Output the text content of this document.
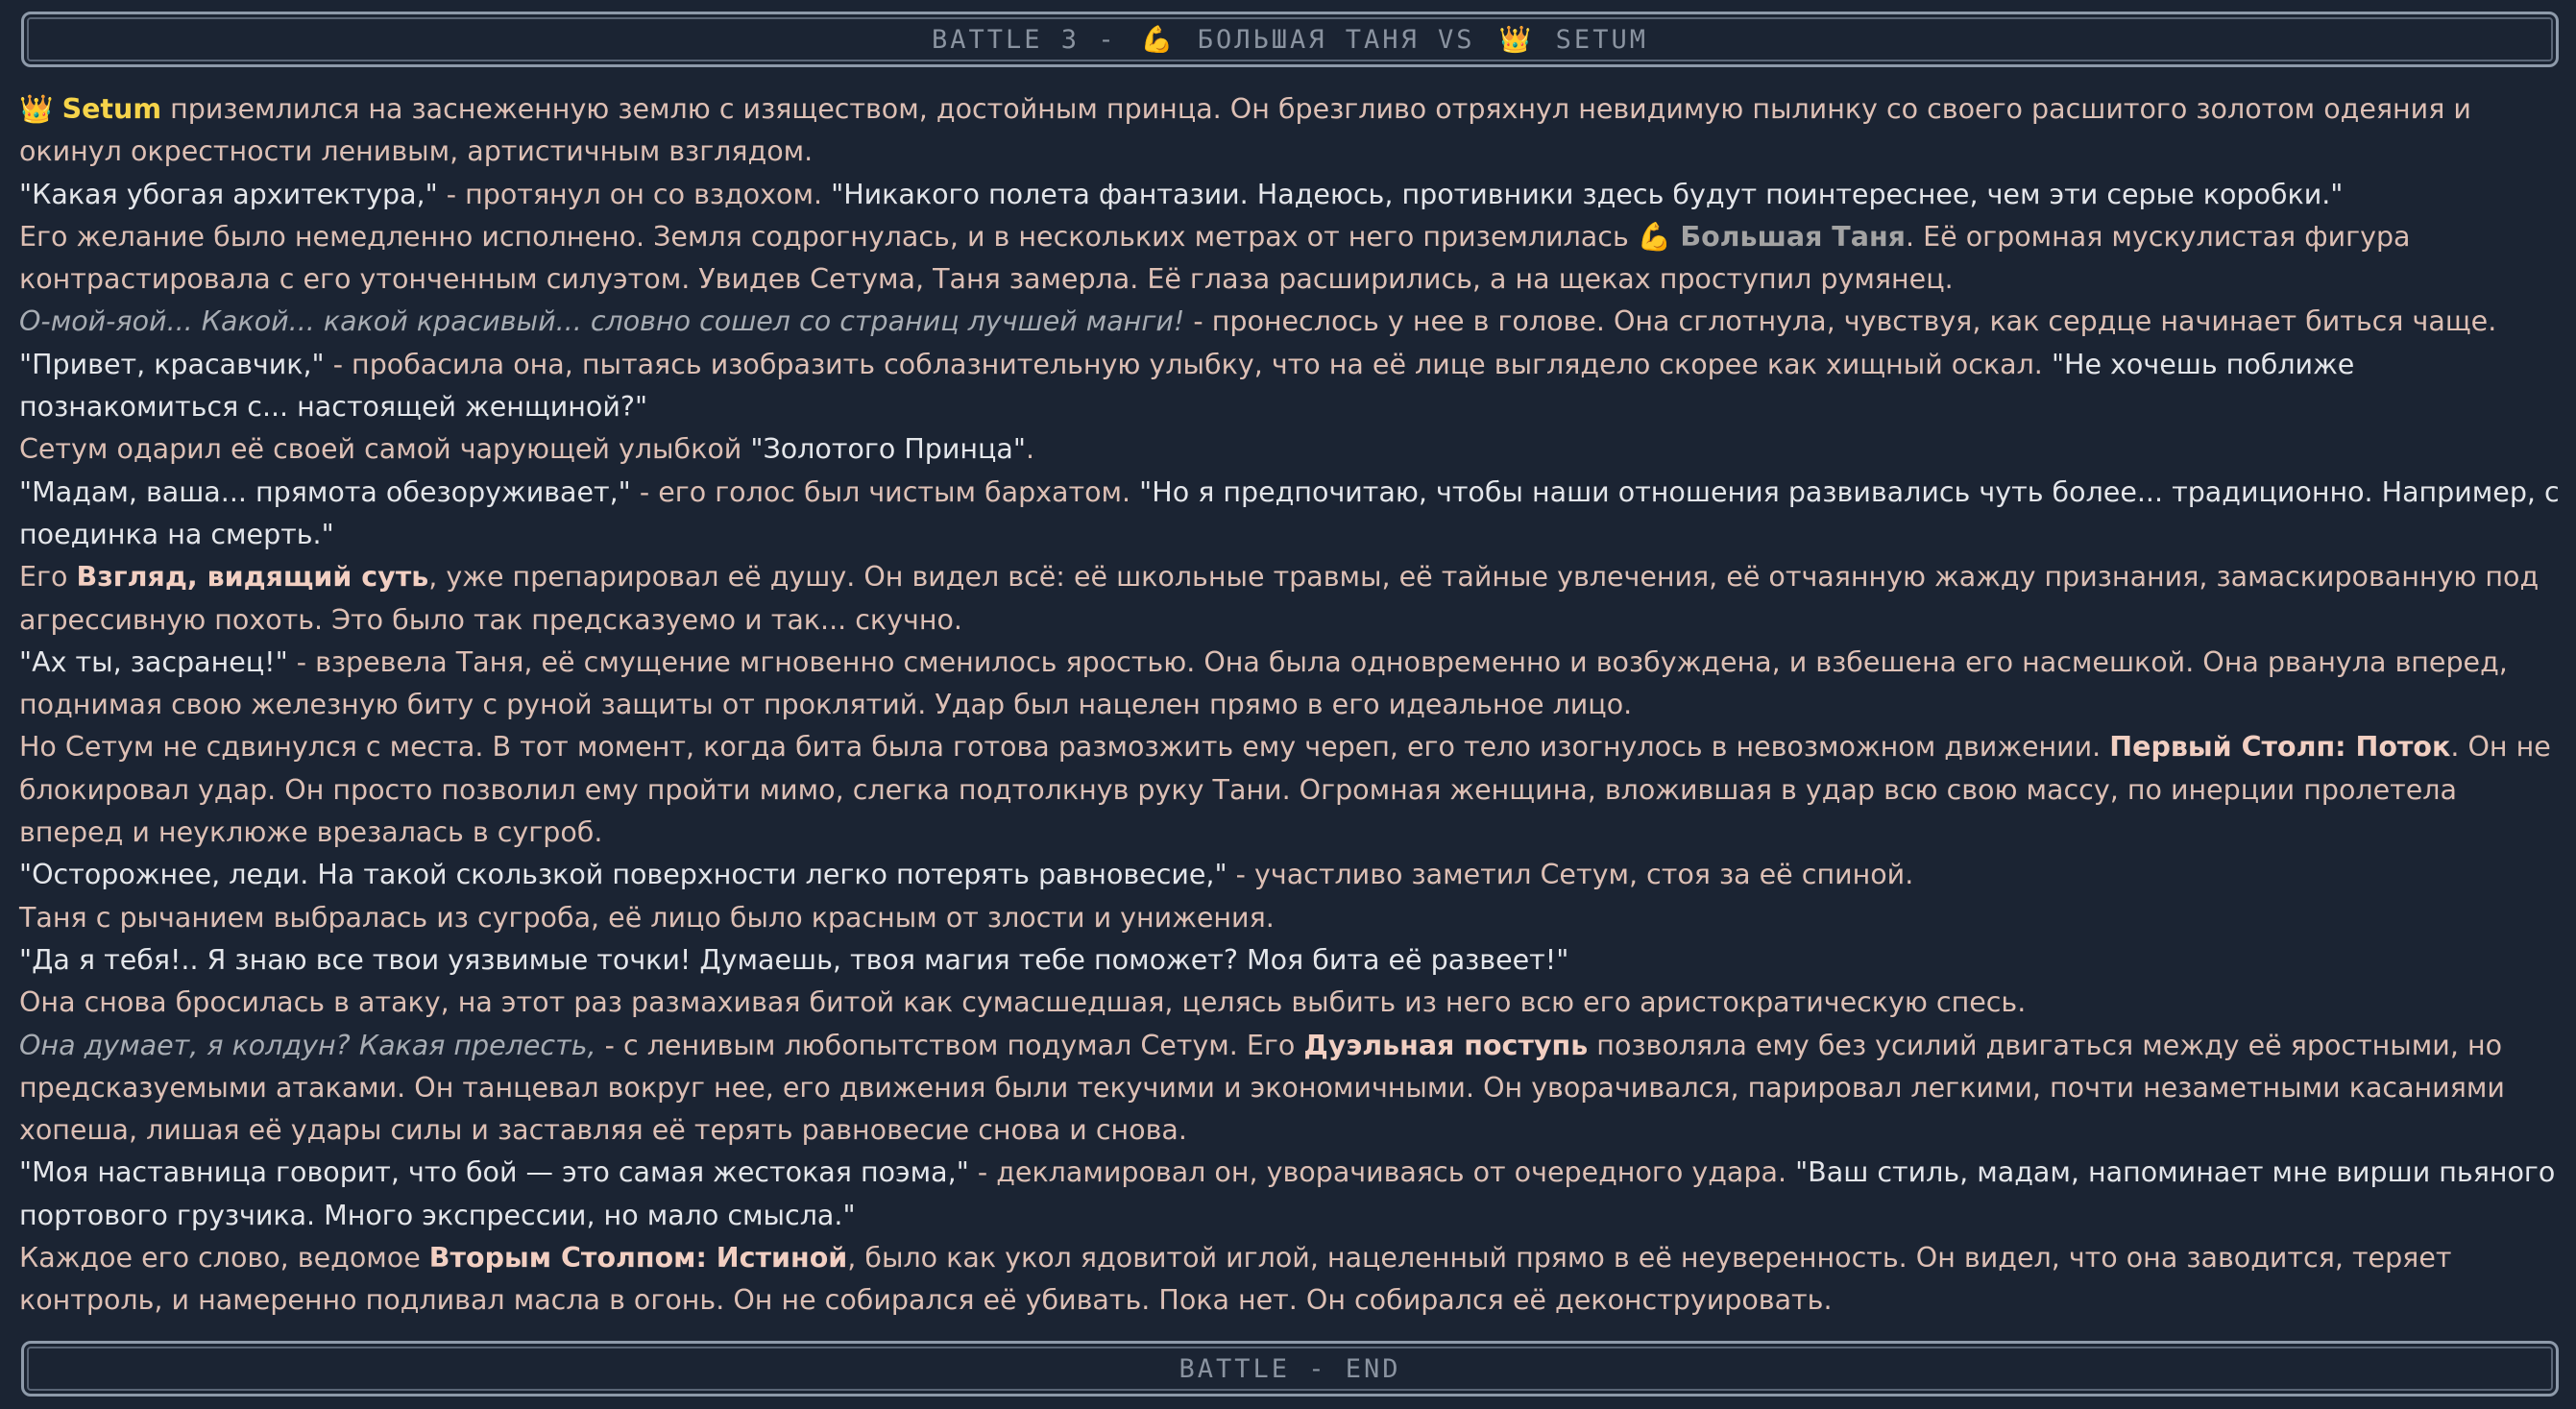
BATTLE 3 - 💪 БОЛЬШАЯ ТАНЯ VS 👑 SETUM

👑 Setum приземлился на заснеженную землю с изяществом, достойным принца. Он брезгливо отряхнул невидимую пылинку со своего расшитого золотом одеяния и окинул окрестности ленивым, артистичным взглядом.

"Какая убогая архитектура," - протянул он со вздохом. "Никакого полета фантазии. Надеюсь, противники здесь будут поинтереснее, чем эти серые коробки."

Его желание было немедленно исполнено. Земля содрогнулась, и в нескольких метрах от него приземлилась 💪 Большая Таня. Её огромная мускулистая фигура контрастировала с его утонченным силуэтом. Увидев Сетума, Таня замерла. Её глаза расширились, а на щеках проступил румянец.

О-мой-яой... Какой... какой красивый... словно сошел со страниц лучшей манги! - пронеслось у нее в голове. Она сглотнула, чувствуя, как сердце начинает биться чаще.

"Привет, красавчик," - пробасила она, пытаясь изобразить соблазнительную улыбку, что на её лице выглядело скорее как хищный оскал. "Не хочешь поближе познакомиться с... настоящей женщиной?"

Сетум одарил её своей самой чарующей улыбкой "Золотого Принца".

"Мадам, ваша... прямота обезоруживает," - его голос был чистым бархатом. "Но я предпочитаю, чтобы наши отношения развивались чуть более... традиционно. Например, с поединка на смерть."

Его Взгляд, видящий суть, уже препарировал её душу. Он видел всё: её школьные травмы, её тайные увлечения, её отчаянную жажду признания, замаскированную под агрессивную похоть. Это было так предсказуемо и так... скучно.

"Ах ты, засранец!" - взревела Таня, её смущение мгновенно сменилось яростью. Она была одновременно и возбуждена, и взбешена его насмешкой. Она рванула вперед, поднимая свою железную биту с руной защиты от проклятий. Удар был нацелен прямо в его идеальное лицо.

Но Сетум не сдвинулся с места. В тот момент, когда бита была готова размозжить ему череп, его тело изогнулось в невозможном движении. Первый Столп: Поток. Он не блокировал удар. Он просто позволил ему пройти мимо, слегка подтолкнув руку Тани. Огромная женщина, вложившая в удар всю свою массу, по инерции пролетела вперед и неуклюже врезалась в сугроб.

"Осторожнее, леди. На такой скользкой поверхности легко потерять равновесие," - участливо заметил Сетум, стоя за её спиной.

Таня с рычанием выбралась из сугроба, её лицо было красным от злости и унижения.

"Да я тебя!.. Я знаю все твои уязвимые точки! Думаешь, твоя магия тебе поможет? Моя бита её развеет!"

Она снова бросилась в атаку, на этот раз размахивая битой как сумасшедшая, целясь выбить из него всю его аристократическую спесь.

Она думает, я колдун? Какая прелесть, - с ленивым любопытством подумал Сетум. Его Дуэльная поступь позволяла ему без усилий двигаться между её яростными, но предсказуемыми атаками. Он танцевал вокруг нее, его движения были текучими и экономичными. Он уворачивался, парировал легкими, почти незаметными касаниями хопеша, лишая её удары силы и заставляя её терять равновесие снова и снова.

"Моя наставница говорит, что бой — это самая жестокая поэма," - декламировал он, уворачиваясь от очередного удара. "Ваш стиль, мадам, напоминает мне вирши пьяного портового грузчика. Много экспрессии, но мало смысла."

Каждое его слово, ведомое Вторым Столпом: Истиной, было как укол ядовитой иглой, нацеленный прямо в её неуверенность. Он видел, что она заводится, теряет контроль, и намеренно подливал масла в огонь. Он не собирался её убивать. Пока нет. Он собирался её деконструировать.

BATTLE - END
